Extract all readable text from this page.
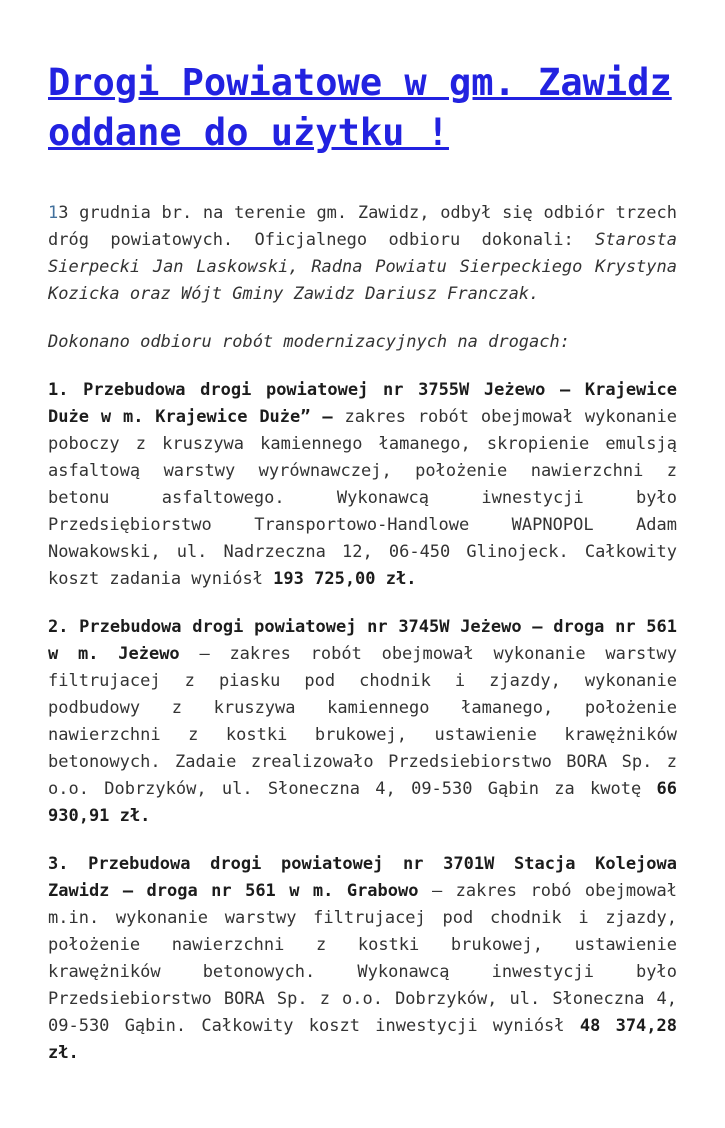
Drogi Powiatowe w gm. Zawidz oddane do użytku !

13 grudnia br. na terenie gm. Zawidz, odbył się odbiór trzech dróg powiatowych. Oficjalnego odbioru dokonali: Starosta Sierpecki Jan Laskowski, Radna Powiatu Sierpeckiego Krystyna Kozicka oraz Wójt Gminy Zawidz Dariusz Franczak.

Dokonano odbioru robót modernizacyjnych na drogach:

1. Przebudowa drogi powiatowej nr 3755W Jeżewo — Krajewice Duże w m. Krajewice Duże” — zakres robót obejmował wykonanie poboczy z kruszywa kamiennego łamanego, skropienie emulsją asfaltową warstwy wyrównawczej, położenie nawierzchni z betonu asfaltowego. Wykonawcą iwnestycji było Przedsiębiorstwo Transportowo-Handlowe WAPNOPOL Adam Nowakowski, ul. Nadrzeczna 12, 06-450 Glinojeck. Całkowity koszt zadania wyniósł 193 725,00 zł.

2. Przebudowa drogi powiatowej nr 3745W Jeżewo — droga nr 561 w m. Jeżewo — zakres robót obejmował wykonanie warstwy filtrujacej z piasku pod chodnik i zjazdy, wykonanie podbudowy z kruszywa kamiennego łamanego, położenie nawierzchni z kostki brukowej, ustawienie krawężników betonowych. Zadaie zrealizowało Przedsiebiorstwo BORA Sp. z o.o. Dobrzyków, ul. Słoneczna 4, 09-530 Gąbin za kwotę 66 930,91 zł.

3. Przebudowa drogi powiatowej nr 3701W Stacja Kolejowa Zawidz — droga nr 561 w m. Grabowo — zakres robó obejmował m.in. wykonanie warstwy filtrujacej pod chodnik i zjazdy, położenie nawierzchni z kostki brukowej, ustawienie krawężników betonowych. Wykonawcą inwestycji było Przedsiebiorstwo BORA Sp. z o.o. Dobrzyków, ul. Słoneczna 4, 09-530 Gąbin. Całkowity koszt inwestycji wyniósł 48 374,28 zł.
